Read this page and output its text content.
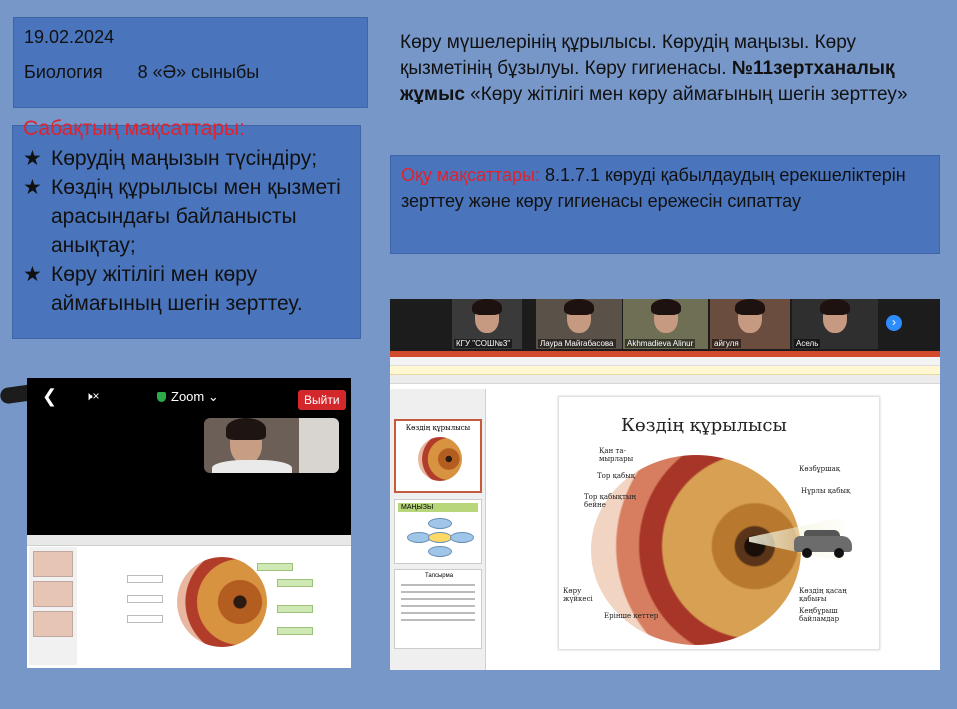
19.02.2024
Биология 8 «Ә» сыныбы
Сабақтың мақсаттары:
★ Көрудің маңызын түсіндіру;
★ Көздің құрылысы мен қызметі арасындағы байланысты анықтау;
★ Көру жітілігі мен көру аймағының шегін зерттеу.
Көру мүшелерінің құрылысы. Көрудің маңызы. Көру қызметінің бұзылуы. Көру гигиенасы. №11зертханалық жұмыс «Көру жітілігі мен көру аймағының шегін зерттеу»
Оқу мақсаттары: 8.1.7.1 көруді қабылдаудың ерекшеліктерін зерттеу және көру гигиенасы ережесін сипаттау
❮ 🕨×	Zoom ⌄	Выйти
КГУ "СОШ№3"	Лаура Майгабасова Akhmadieva Alinur	айгуля	Асель
›
Көздің құрылысы
МАҢЫЗЫ
Тапсырма
Көздің құрылысы
Қан та-
мырлары
Тор қабық
Тор қабықтың
бейне
Көру
жүйкесі
Ерінше кеттер
Көзбұршақ
Нұрлы қабық
Көздің қасаң
қабығы
Кеңбұрыш
байламдар
